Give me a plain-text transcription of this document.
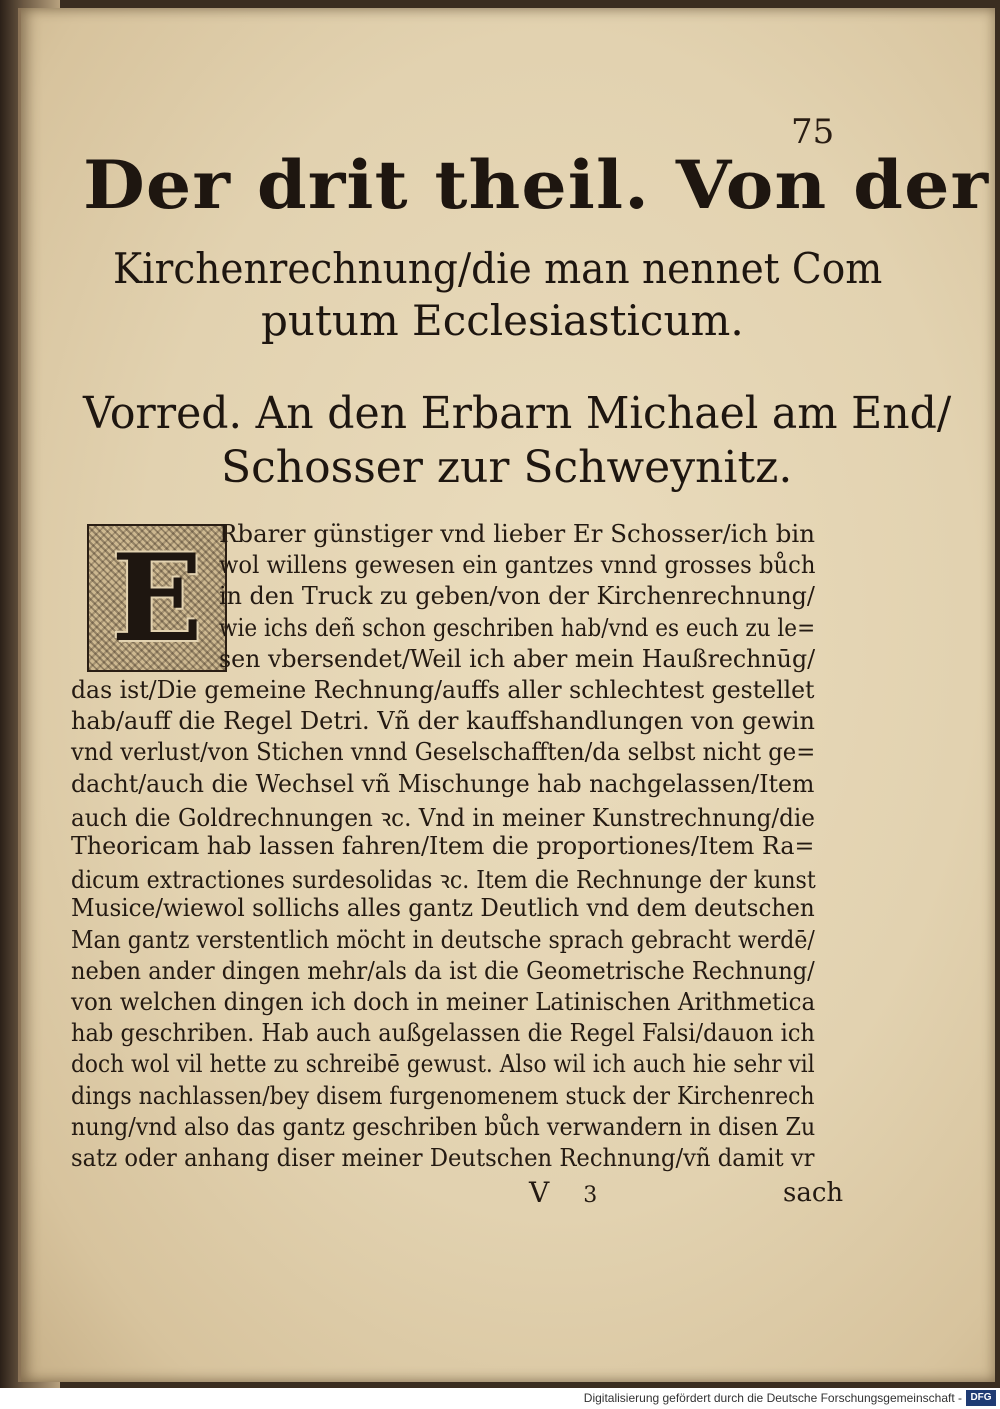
75
Der drit theil. Von der
Kirchenrechnung/die man nennet Com
putum Ecclesiasticum.
Vorred. An den Erbarn Michael am End/
Schosser zur Schweynitz.
E Rbarer günstiger vnd lieber Er Schosser/ich bin
wol willens gewesen ein gantzes vnnd grosses bůch
in den Truck zu geben/von der Kirchenrechnung/
wie ichs deñ schon geschriben hab/vnd es euch zu le=
sen vbersendet/Weil ich aber mein Haußrechnūg/
das ist/Die gemeine Rechnung/auffs aller schlechtest gestellet
hab/auff die Regel Detri. Vñ der kauffshandlungen von gewin
vnd verlust/von Stichen vnnd Geselschafften/da selbst nicht ge=
dacht/auch die Wechsel vñ Mischunge hab nachgelassen/Item
auch die Goldrechnungen ꝛc. Vnd in meiner Kunstrechnung/die
Theoricam hab lassen fahren/Item die proportiones/Item Ra=
dicum extractiones surdesolidas ꝛc. Item die Rechnunge der kunst
Musice/wiewol sollichs alles gantz Deutlich vnd dem deutschen
Man gantz verstentlich möcht in deutsche sprach gebracht werdē/
neben ander dingen mehr/als da ist die Geometrische Rechnung/
von welchen dingen ich doch in meiner Latinischen Arithmetica
hab geschriben. Hab auch außgelassen die Regel Falsi/dauon ich
doch wol vil hette zu schreibē gewust. Also wil ich auch hie sehr vil
dings nachlassen/bey disem furgenomenem stuck der Kirchenrech
nung/vnd also das gantz geschriben bůch verwandern in disen Zu
satz oder anhang diser meiner Deutschen Rechnung/vñ damit vr
V 3	sach
Digitalisierung gefördert durch die Deutsche Forschungsgemeinschaft - DFG
